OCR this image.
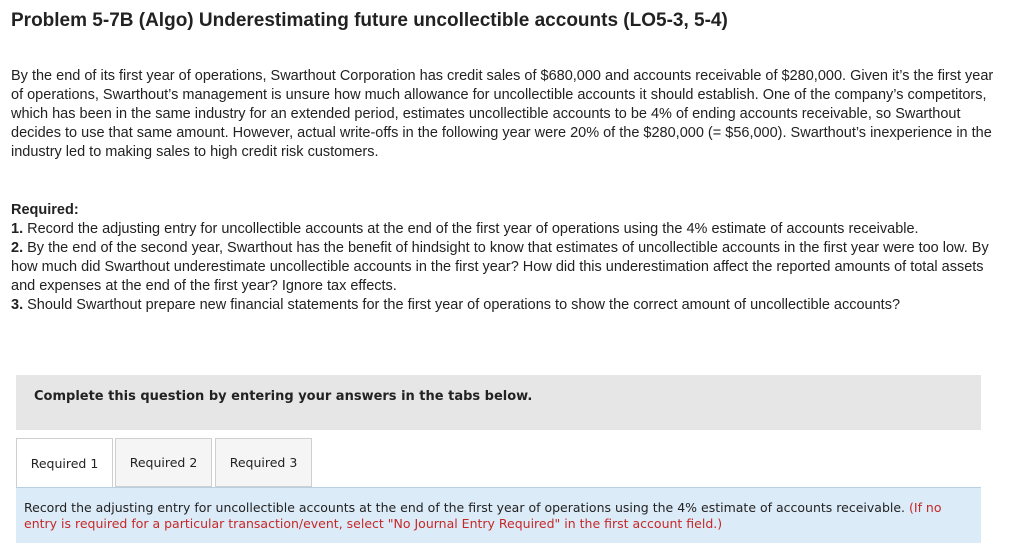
Problem 5-7B (Algo) Underestimating future uncollectible accounts (LO5-3, 5-4)

By the end of its first year of operations, Swarthout Corporation has credit sales of $680,000 and accounts receivable of $280,000. Given it’s the first year of operations, Swarthout’s management is unsure how much allowance for uncollectible accounts it should establish. One of the company’s competitors, which has been in the same industry for an extended period, estimates uncollectible accounts to be 4% of ending accounts receivable, so Swarthout decides to use that same amount. However, actual write-offs in the following year were 20% of the $280,000 (= $56,000). Swarthout’s inexperience in the industry led to making sales to high credit risk customers.

Required:

1. Record the adjusting entry for uncollectible accounts at the end of the first year of operations using the 4% estimate of accounts receivable.

2. By the end of the second year, Swarthout has the benefit of hindsight to know that estimates of uncollectible accounts in the first year were too low. By how much did Swarthout underestimate uncollectible accounts in the first year? How did this underestimation affect the reported amounts of total assets and expenses at the end of the first year? Ignore tax effects.

3. Should Swarthout prepare new financial statements for the first year of operations to show the correct amount of uncollectible accounts?

Complete this question by entering your answers in the tabs below.
Required 1	Required 2	Required 3

Record the adjusting entry for uncollectible accounts at the end of the first year of operations using the 4% estimate of accounts receivable. (If no entry is required for a particular transaction/event, select "No Journal Entry Required" in the first account field.)
